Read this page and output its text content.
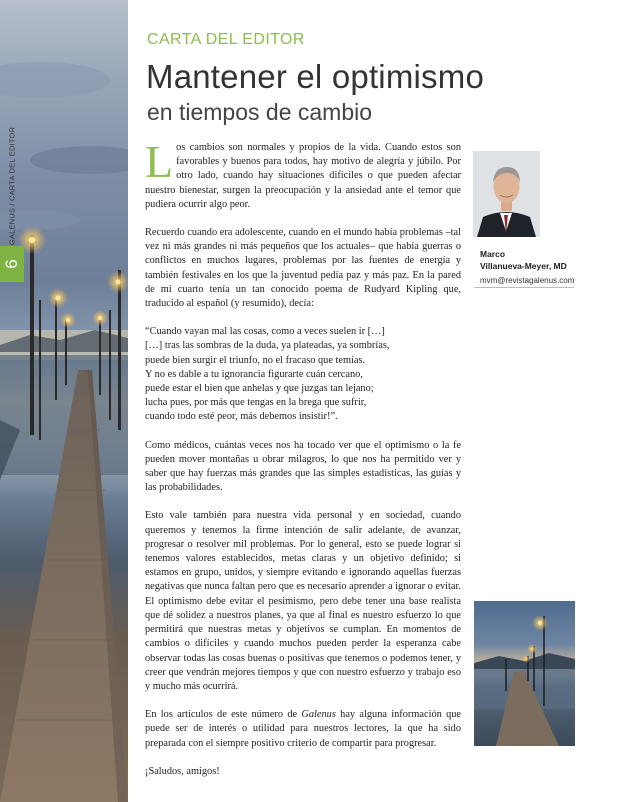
6
GALENUS / CARTA DEL EDITOR
CARTA DEL EDITOR
Mantener el optimismo
en tiempos de cambio
Marco
Villanueva-Meyer, MD
mvm@revistagalenus.com

Los cambios son normales y propios de la vida. Cuando estos son favorables y buenos para todos, hay motivo de alegría y júbilo. Por otro lado, cuando hay situaciones difíciles o que pueden afectar nuestro bienestar, surgen la preocupación y la ansiedad ante el temor que pudiera ocurrir algo peor.

Recuerdo cuando era adolescente, cuando en el mundo había problemas –tal vez ni más grandes ni más pequeños que los actuales– que había guerras o conflictos en muchos lugares, problemas por las fuentes de energía y también festivales en los que la juventud pedía paz y más paz. En la pared de mi cuarto tenía un tan conocido poema de Rudyard Kipling que, traducido al español (y resumido), decía:

“Cuando vayan mal las cosas, como a veces suelen ir […]
[…] tras las sombras de la duda, ya plateadas, ya sombrías,
puede bien surgir el triunfo, no el fracaso que temías.
Y no es dable a tu ignorancia figurarte cuán cercano,
puede estar el bien que anhelas y que juzgas tan lejano;
lucha pues, por más que tengas en la brega que sufrir,
cuando todo esté peor, más debemos insistir!”.

Como médicos, cuántas veces nos ha tocado ver que el optimismo o la fe pueden mover montañas u obrar milagros, lo que nos ha permitido ver y saber que hay fuerzas más grandes que las simples estadísticas, las guías y las probabilidades.

Esto vale también para nuestra vida personal y en sociedad, cuando queremos y tenemos la firme intención de salir adelante, de avanzar, progresar o resolver mil problemas. Por lo general, esto se puede lograr si tenemos valores establecidos, metas claras y un objetivo definido; si estamos en grupo, unidos, y siempre evitando e ignorando aquellas fuerzas negativas que nunca faltan pero que es necesario aprender a ignorar o evitar. El optimismo debe evitar el pesimismo, pero debe tener una base realista que dé solidez a nuestros planes, ya que al final es nuestro esfuerzo lo que permitirá que nuestras metas y objetivos se cumplan. En momentos de cambios o difíciles y cuando muchos pueden perder la esperanza cabe observar todas las cosas buenas o positivas que tenemos o podemos tener, y creer que vendrán mejores tiempos y que con nuestro esfuerzo y trabajo eso y mucho más ocurrirá.

En los artículos de este número de Galenus hay alguna información que puede ser de interés o utilidad para nuestros lectores, la que ha sido preparada con el siempre positivo criterio de compartir para progresar.

¡Saludos, amigos!
